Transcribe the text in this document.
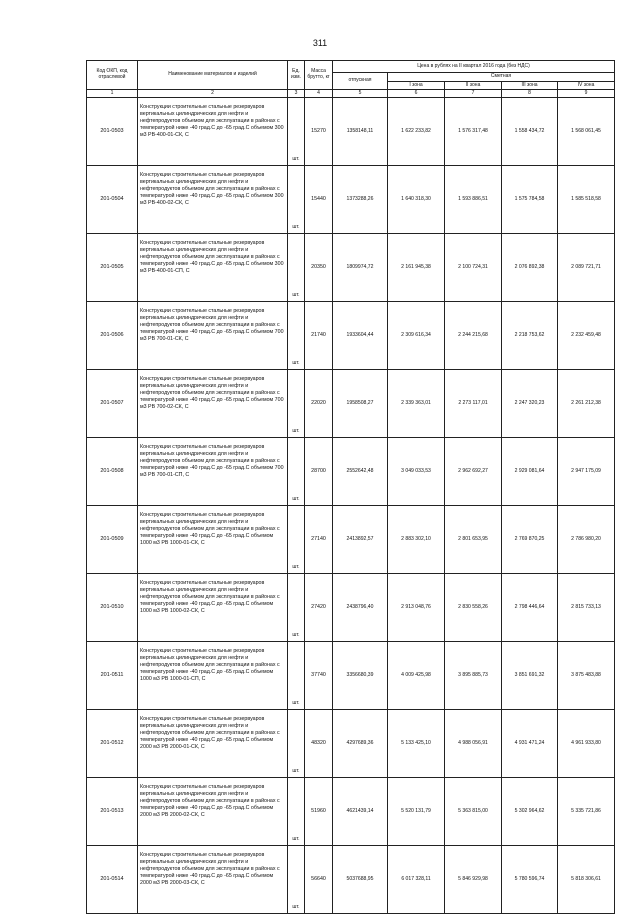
311
Код ОКП, код отраслевой	Наименование материалов и изделий	Ед. изм.	Масса брутто, кг	Цена в рублях на II квартал 2016 года (без НДС)				
				отпускная	Сметная			
					I зона	II зона	III зона	IV зона
1	2	3	4	5	6	7	8	9
201-0503	Конструкции строительные стальные резервуаров вертикальных цилиндрических для нефти и нефтепродуктов объемом для эксплуатации в районах с температурой ниже -40 град.С до -65 град.С объемом 300 м3 РВ-400-01-СК, С	шт.	15270	1358148,11	1 622 233,82	1 576 317,48	1 558 434,72	1 568 061,45
201-0504	Конструкции строительные стальные резервуаров вертикальных цилиндрических для нефти и нефтепродуктов объемом для эксплуатации в районах с температурой ниже -40 град.С до -65 град.С объемом 300 м3 РВ-400-02-СК, С	шт.	15440	1373288,26	1 640 318,30	1 593 886,51	1 575 784,58	1 585 518,58
201-0505	Конструкции строительные стальные резервуаров вертикальных цилиндрических для нефти и нефтепродуктов объемом для эксплуатации в районах с температурой ниже -40 град.С до -65 град.С объемом 300 м3 РВ-400-01-СП, С	шт.	20350	1809974,72	2 161 945,38	2 100 724,31	2 076 892,38	2 089 721,71
201-0506	Конструкции строительные стальные резервуаров вертикальных цилиндрических для нефти и нефтепродуктов объемом для эксплуатации в районах с температурой ниже -40 град.С до -65 град.С объемом 700 м3 РВ 700-01-СК, С	шт.	21740	1933604,44	2 309 616,34	2 244 215,68	2 218 753,62	2 232 459,48
201-0507	Конструкции строительные стальные резервуаров вертикальных цилиндрических для нефти и нефтепродуктов объемом для эксплуатации в районах с температурой ниже -40 град.С до -65 град.С объемом 700 м3 РВ 700-02-СК, С	шт.	22020	1958508,27	2 339 363,01	2 273 117,01	2 247 320,23	2 261 212,38
201-0508	Конструкции строительные стальные резервуаров вертикальных цилиндрических для нефти и нефтепродуктов объемом для эксплуатации в районах с температурой ниже -40 град.С до -65 град.С объемом 700 м3 РВ 700-01-СП, С	шт.	28700	2552642,48	3 049 033,53	2 962 692,27	2 929 081,64	2 947 175,09
201-0509	Конструкции строительные стальные резервуаров вертикальных цилиндрических для нефти и нефтепродуктов объемом для эксплуатации в районах с температурой ниже -40 град.С до -65 град.С объемом 1000 м3 РВ 1000-01-СК, С	шт.	27140	2413892,57	2 883 302,10	2 801 653,95	2 769 870,25	2 786 980,20
201-0510	Конструкции строительные стальные резервуаров вертикальных цилиндрических для нефти и нефтепродуктов объемом для эксплуатации в районах с температурой ниже -40 град.С до -65 град.С объемом 1000 м3 РВ 1000-02-СК, С	шт.	27420	2438796,40	2 913 048,76	2 830 558,26	2 798 446,64	2 815 733,13
201-0511	Конструкции строительные стальные резервуаров вертикальных цилиндрических для нефти и нефтепродуктов объемом для эксплуатации в районах с температурой ниже -40 град.С до -65 град.С объемом 1000 м3 РВ 1000-01-СП, С	шт.	37740	3356680,39	4 009 425,98	3 895 885,73	3 851 691,32	3 875 483,88
201-0512	Конструкции строительные стальные резервуаров вертикальных цилиндрических для нефти и нефтепродуктов объемом для эксплуатации в районах с температурой ниже -40 град.С до -65 град.С объемом 2000 м3 РВ 2000-01-СК, С	шт.	48320	4297689,36	5 133 425,10	4 988 056,91	4 931 471,24	4 961 933,80
201-0513	Конструкции строительные стальные резервуаров вертикальных цилиндрических для нефти и нефтепродуктов объемом для эксплуатации в районах с температурой ниже -40 град.С до -65 град.С объемом 2000 м3 РВ 2000-02-СК, С	шт.	51960	4621439,14	5 520 131,79	5 363 815,00	5 302 964,62	5 335 721,86
201-0514	Конструкции строительные стальные резервуаров вертикальных цилиндрических для нефти и нефтепродуктов объемом для эксплуатации в районах с температурой ниже -40 град.С до -65 град.С объемом 2000 м3 РВ 2000-03-СК, С	шт.	56640	5037688,95	6 017 328,11	5 846 929,98	5 780 596,74	5 818 306,61
